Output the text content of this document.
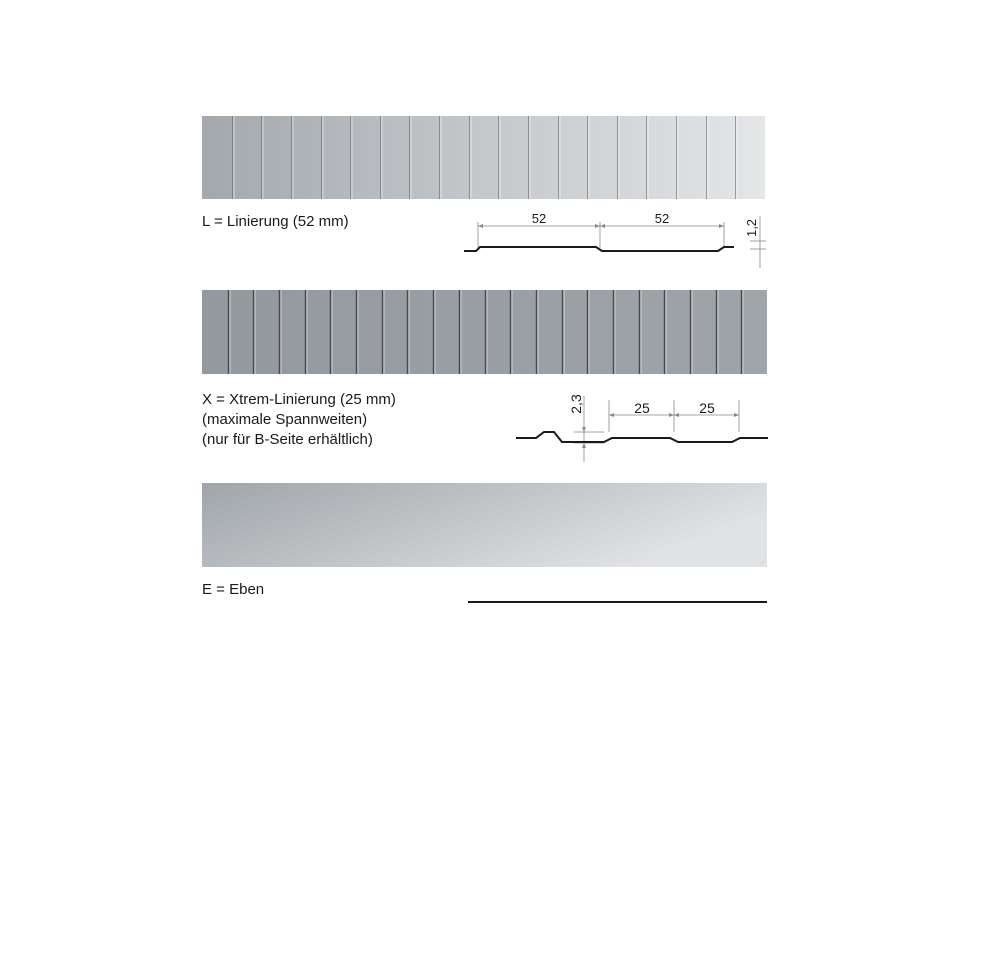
L = Linierung (52 mm)	52	52
1,2
X = Xtrem-Linierung (25 mm)
(maximale Spannweiten)
(nur für B-Seite erhältlich)
25	25
2,3
E = Eben
